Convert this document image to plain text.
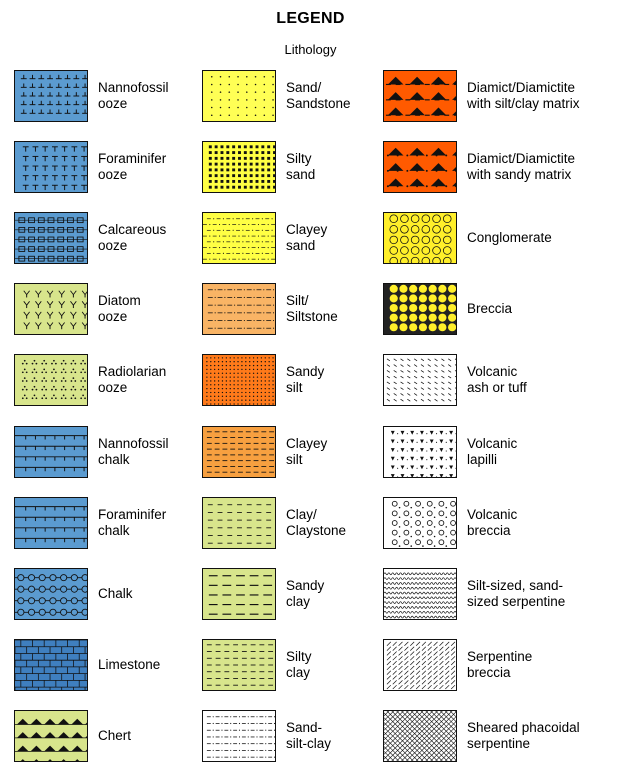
LEGEND
Lithology
Nannofossil
ooze
Foraminifer
ooze
Calcareous
ooze
Diatom
ooze
Radiolarian
ooze
Nannofossil
chalk
Foraminifer
chalk
Chalk
Limestone
Chert
Sand/
Sandstone
Silty
sand
Clayey
sand
Silt/
Siltstone
Sandy
silt
Clayey
silt
Clay/
Claystone
Sandy
clay
Silty
clay
Sand-
silt-clay
Diamict/Diamictite
with silt/clay matrix
Diamict/Diamictite
with sandy matrix
Conglomerate
Breccia
Volcanic
ash or tuff
Volcanic
lapilli
Volcanic
breccia
Silt-sized, sand-
sized serpentine
Serpentine
breccia
Sheared phacoidal
serpentine
